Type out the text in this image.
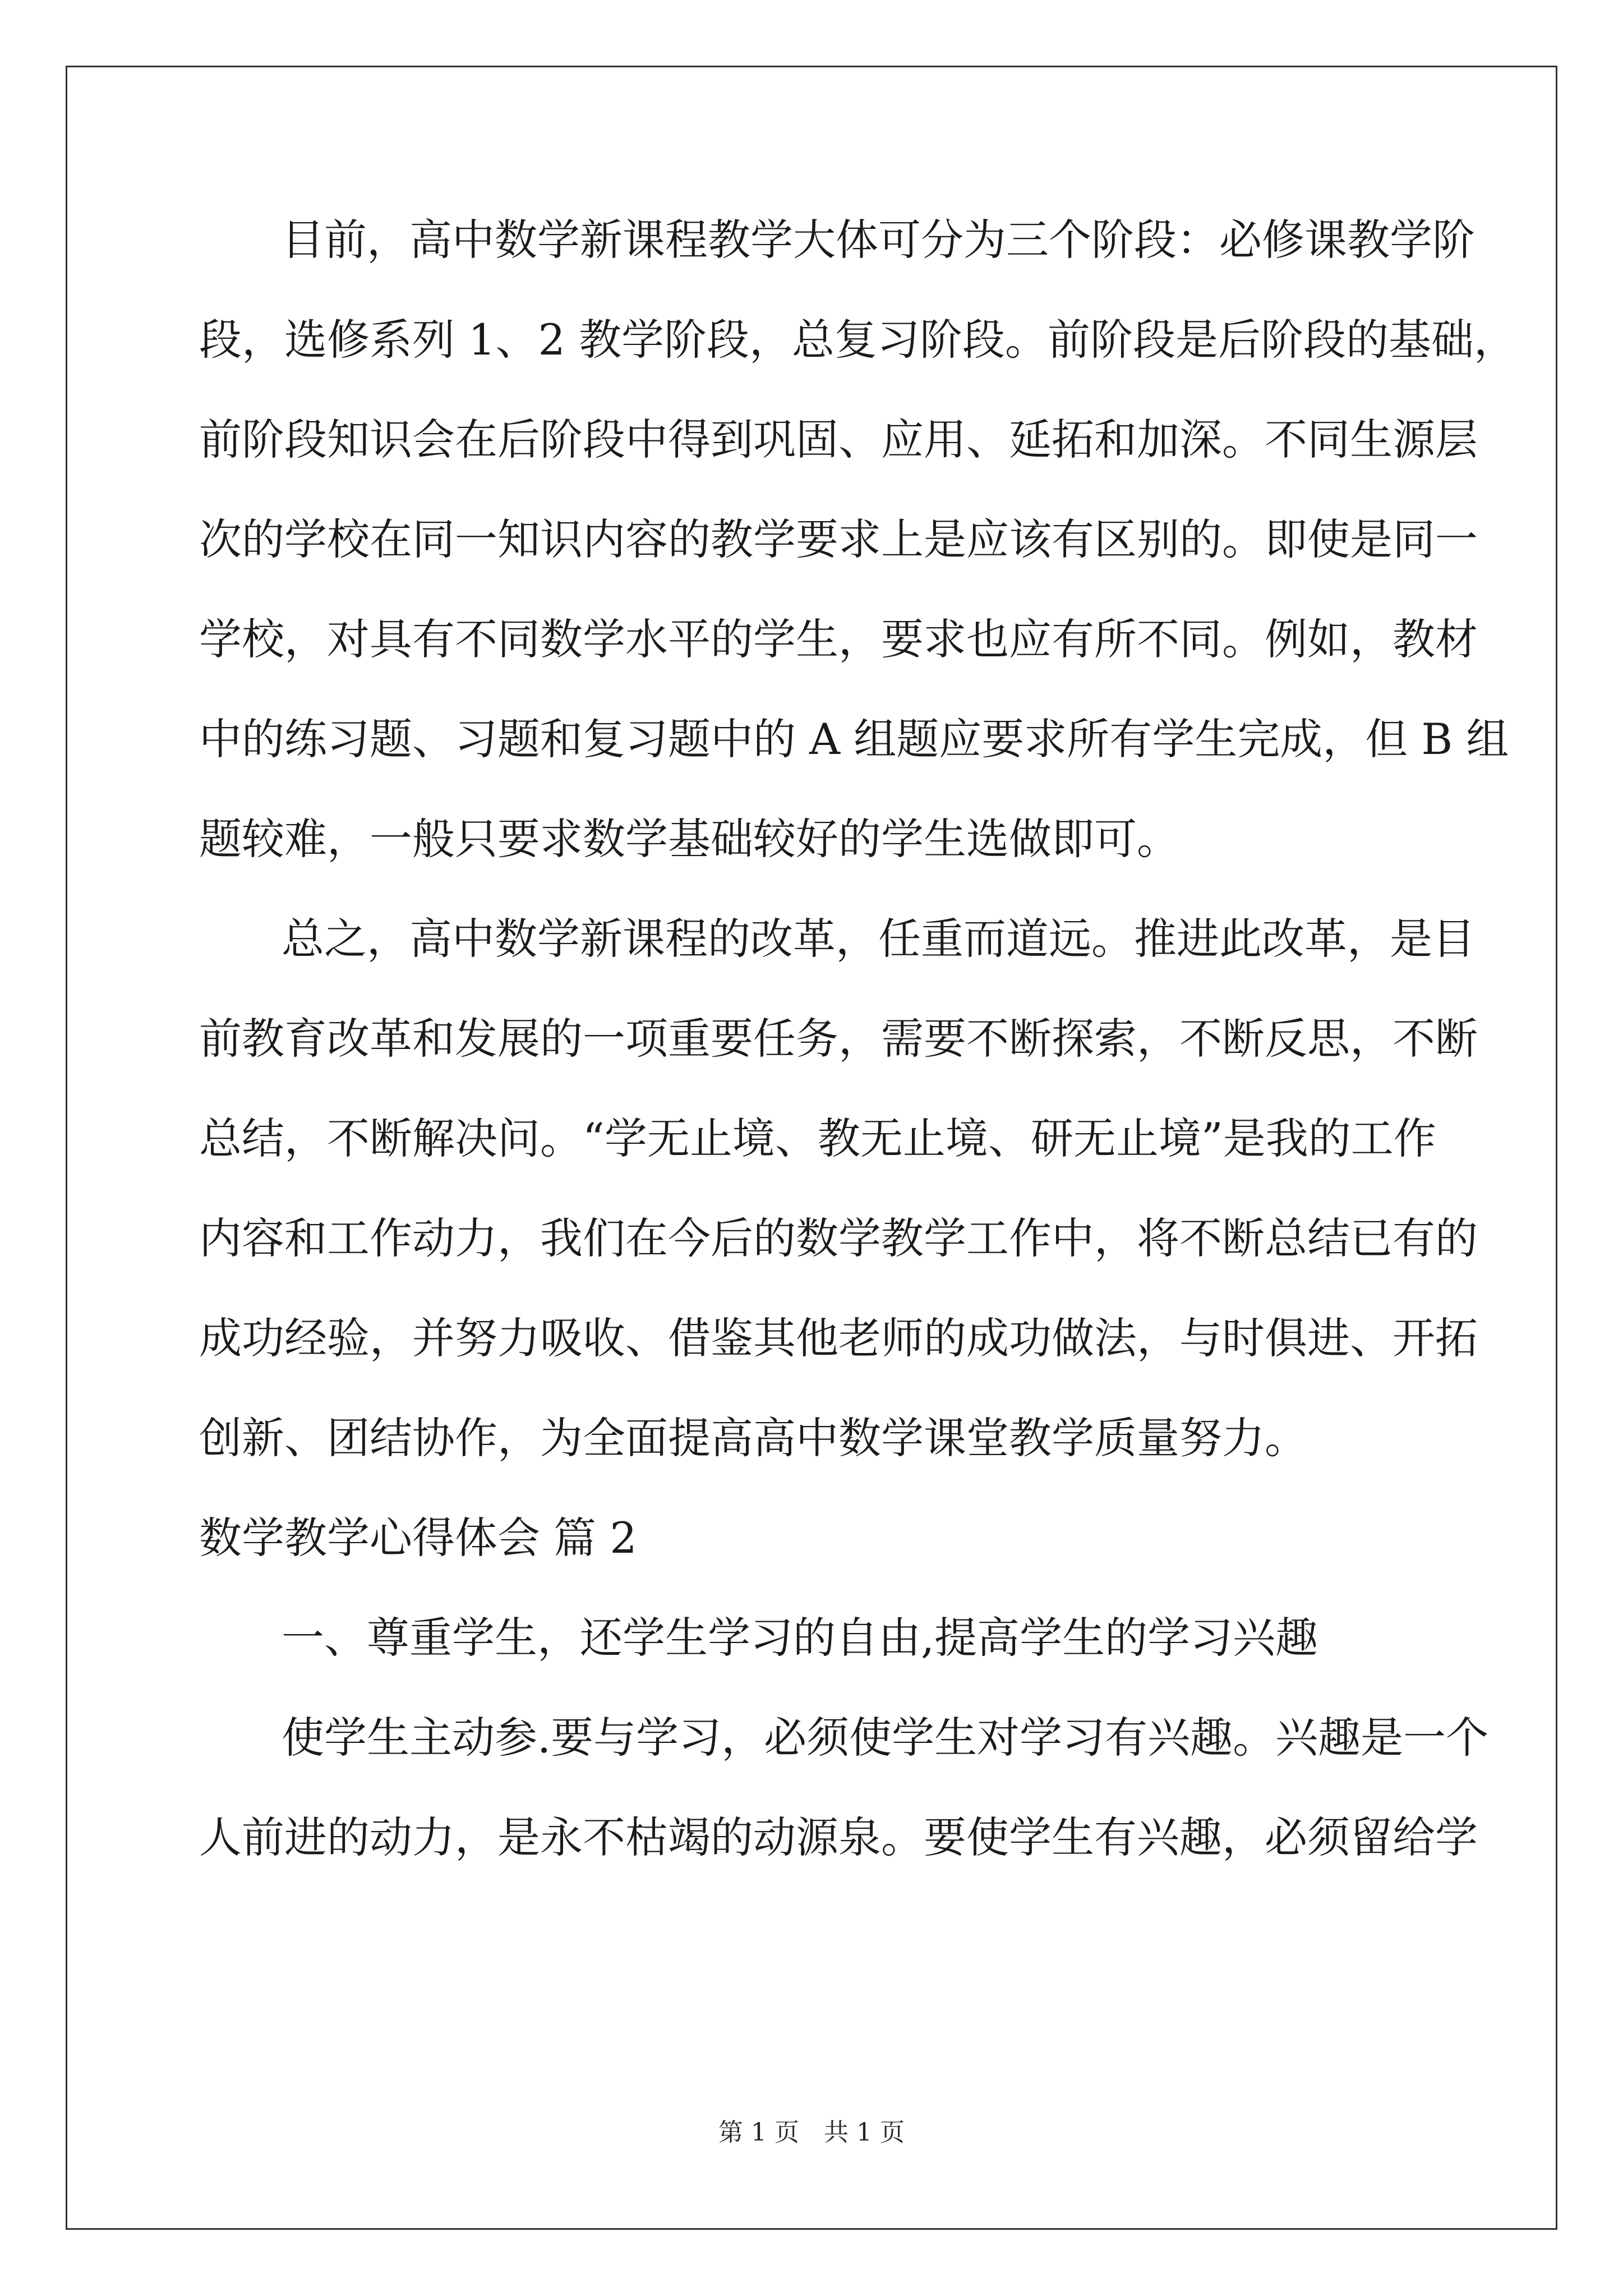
目前，高中数学新课程教学大体可分为三个阶段：必修课教学阶
段，选修系列 1、2 教学阶段，总复习阶段。前阶段是后阶段的基础，
前阶段知识会在后阶段中得到巩固、应用、延拓和加深。不同生源层
次的学校在同一知识内容的教学要求上是应该有区别的。即使是同一
学校，对具有不同数学水平的学生，要求也应有所不同。例如，教材
中的练习题、习题和复习题中的 A 组题应要求所有学生完成，但 B 组
题较难，一般只要求数学基础较好的学生选做即可。
总之，高中数学新课程的改革，任重而道远。推进此改革，是目
前教育改革和发展的一项重要任务，需要不断探索，不断反思，不断
总结，不断解决问。“学无止境、教无止境、研无止境”是我的工作
内容和工作动力，我们在今后的数学教学工作中，将不断总结已有的
成功经验，并努力吸收、借鉴其他老师的成功做法，与时俱进、开拓
创新、团结协作，为全面提高高中数学课堂教学质量努力。
数学教学心得体会 篇 2
一、尊重学生，还学生学习的自由,提高学生的学习兴趣
使学生主动参.要与学习，必须使学生对学习有兴趣。兴趣是一个
人前进的动力，是永不枯竭的动源泉。要使学生有兴趣，必须留给学
第 1 页　共 1 页
